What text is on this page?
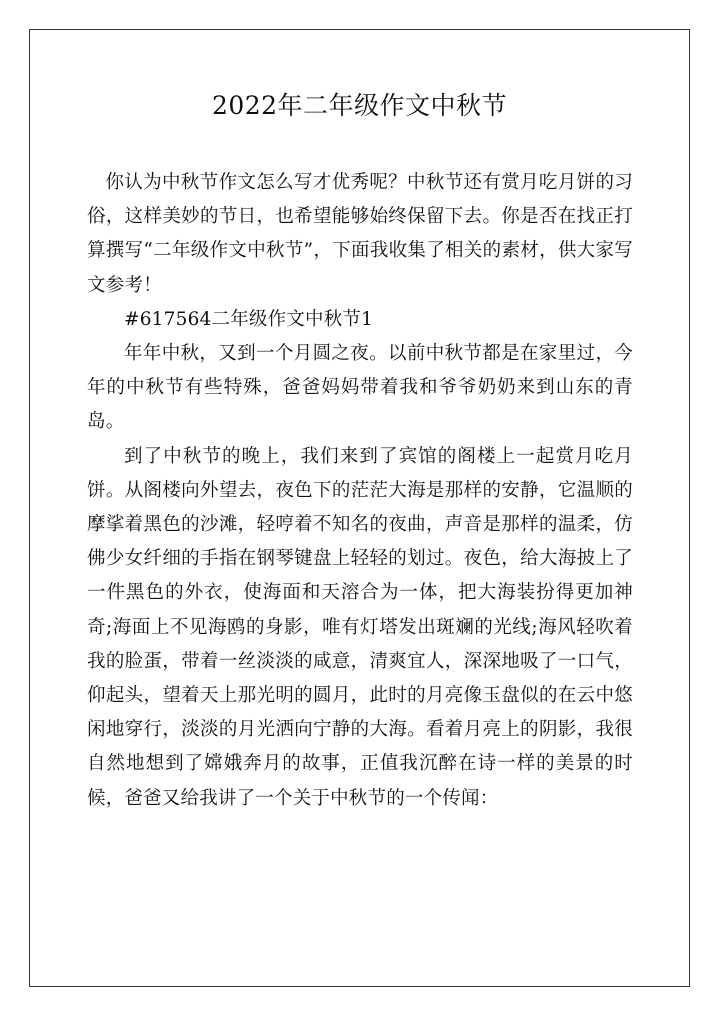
2022年二年级作文中秋节

你认为中秋节作文怎么写才优秀呢？中秋节还有赏月吃月饼的习俗，这样美妙的节日，也希望能够始终保留下去。你是否在找正打算撰写“二年级作文中秋节”，下面我收集了相关的素材，供大家写文参考！

#617564二年级作文中秋节1

年年中秋，又到一个月圆之夜。以前中秋节都是在家里过，今年的中秋节有些特殊，爸爸妈妈带着我和爷爷奶奶来到山东的青岛。

到了中秋节的晚上，我们来到了宾馆的阁楼上一起赏月吃月饼。从阁楼向外望去，夜色下的茫茫大海是那样的安静，它温顺的摩挲着黑色的沙滩，轻哼着不知名的夜曲，声音是那样的温柔，仿佛少女纤细的手指在钢琴键盘上轻轻的划过。夜色，给大海披上了一件黑色的外衣，使海面和天溶合为一体，把大海装扮得更加神奇;海面上不见海鸥的身影，唯有灯塔发出斑斓的光线;海风轻吹着我的脸蛋，带着一丝淡淡的咸意，清爽宜人，深深地吸了一口气，仰起头，望着天上那光明的圆月，此时的月亮像玉盘似的在云中悠闲地穿行，淡淡的月光洒向宁静的大海。看着月亮上的阴影，我很自然地想到了嫦娥奔月的故事，正值我沉醉在诗一样的美景的时候，爸爸又给我讲了一个关于中秋节的一个传闻：
